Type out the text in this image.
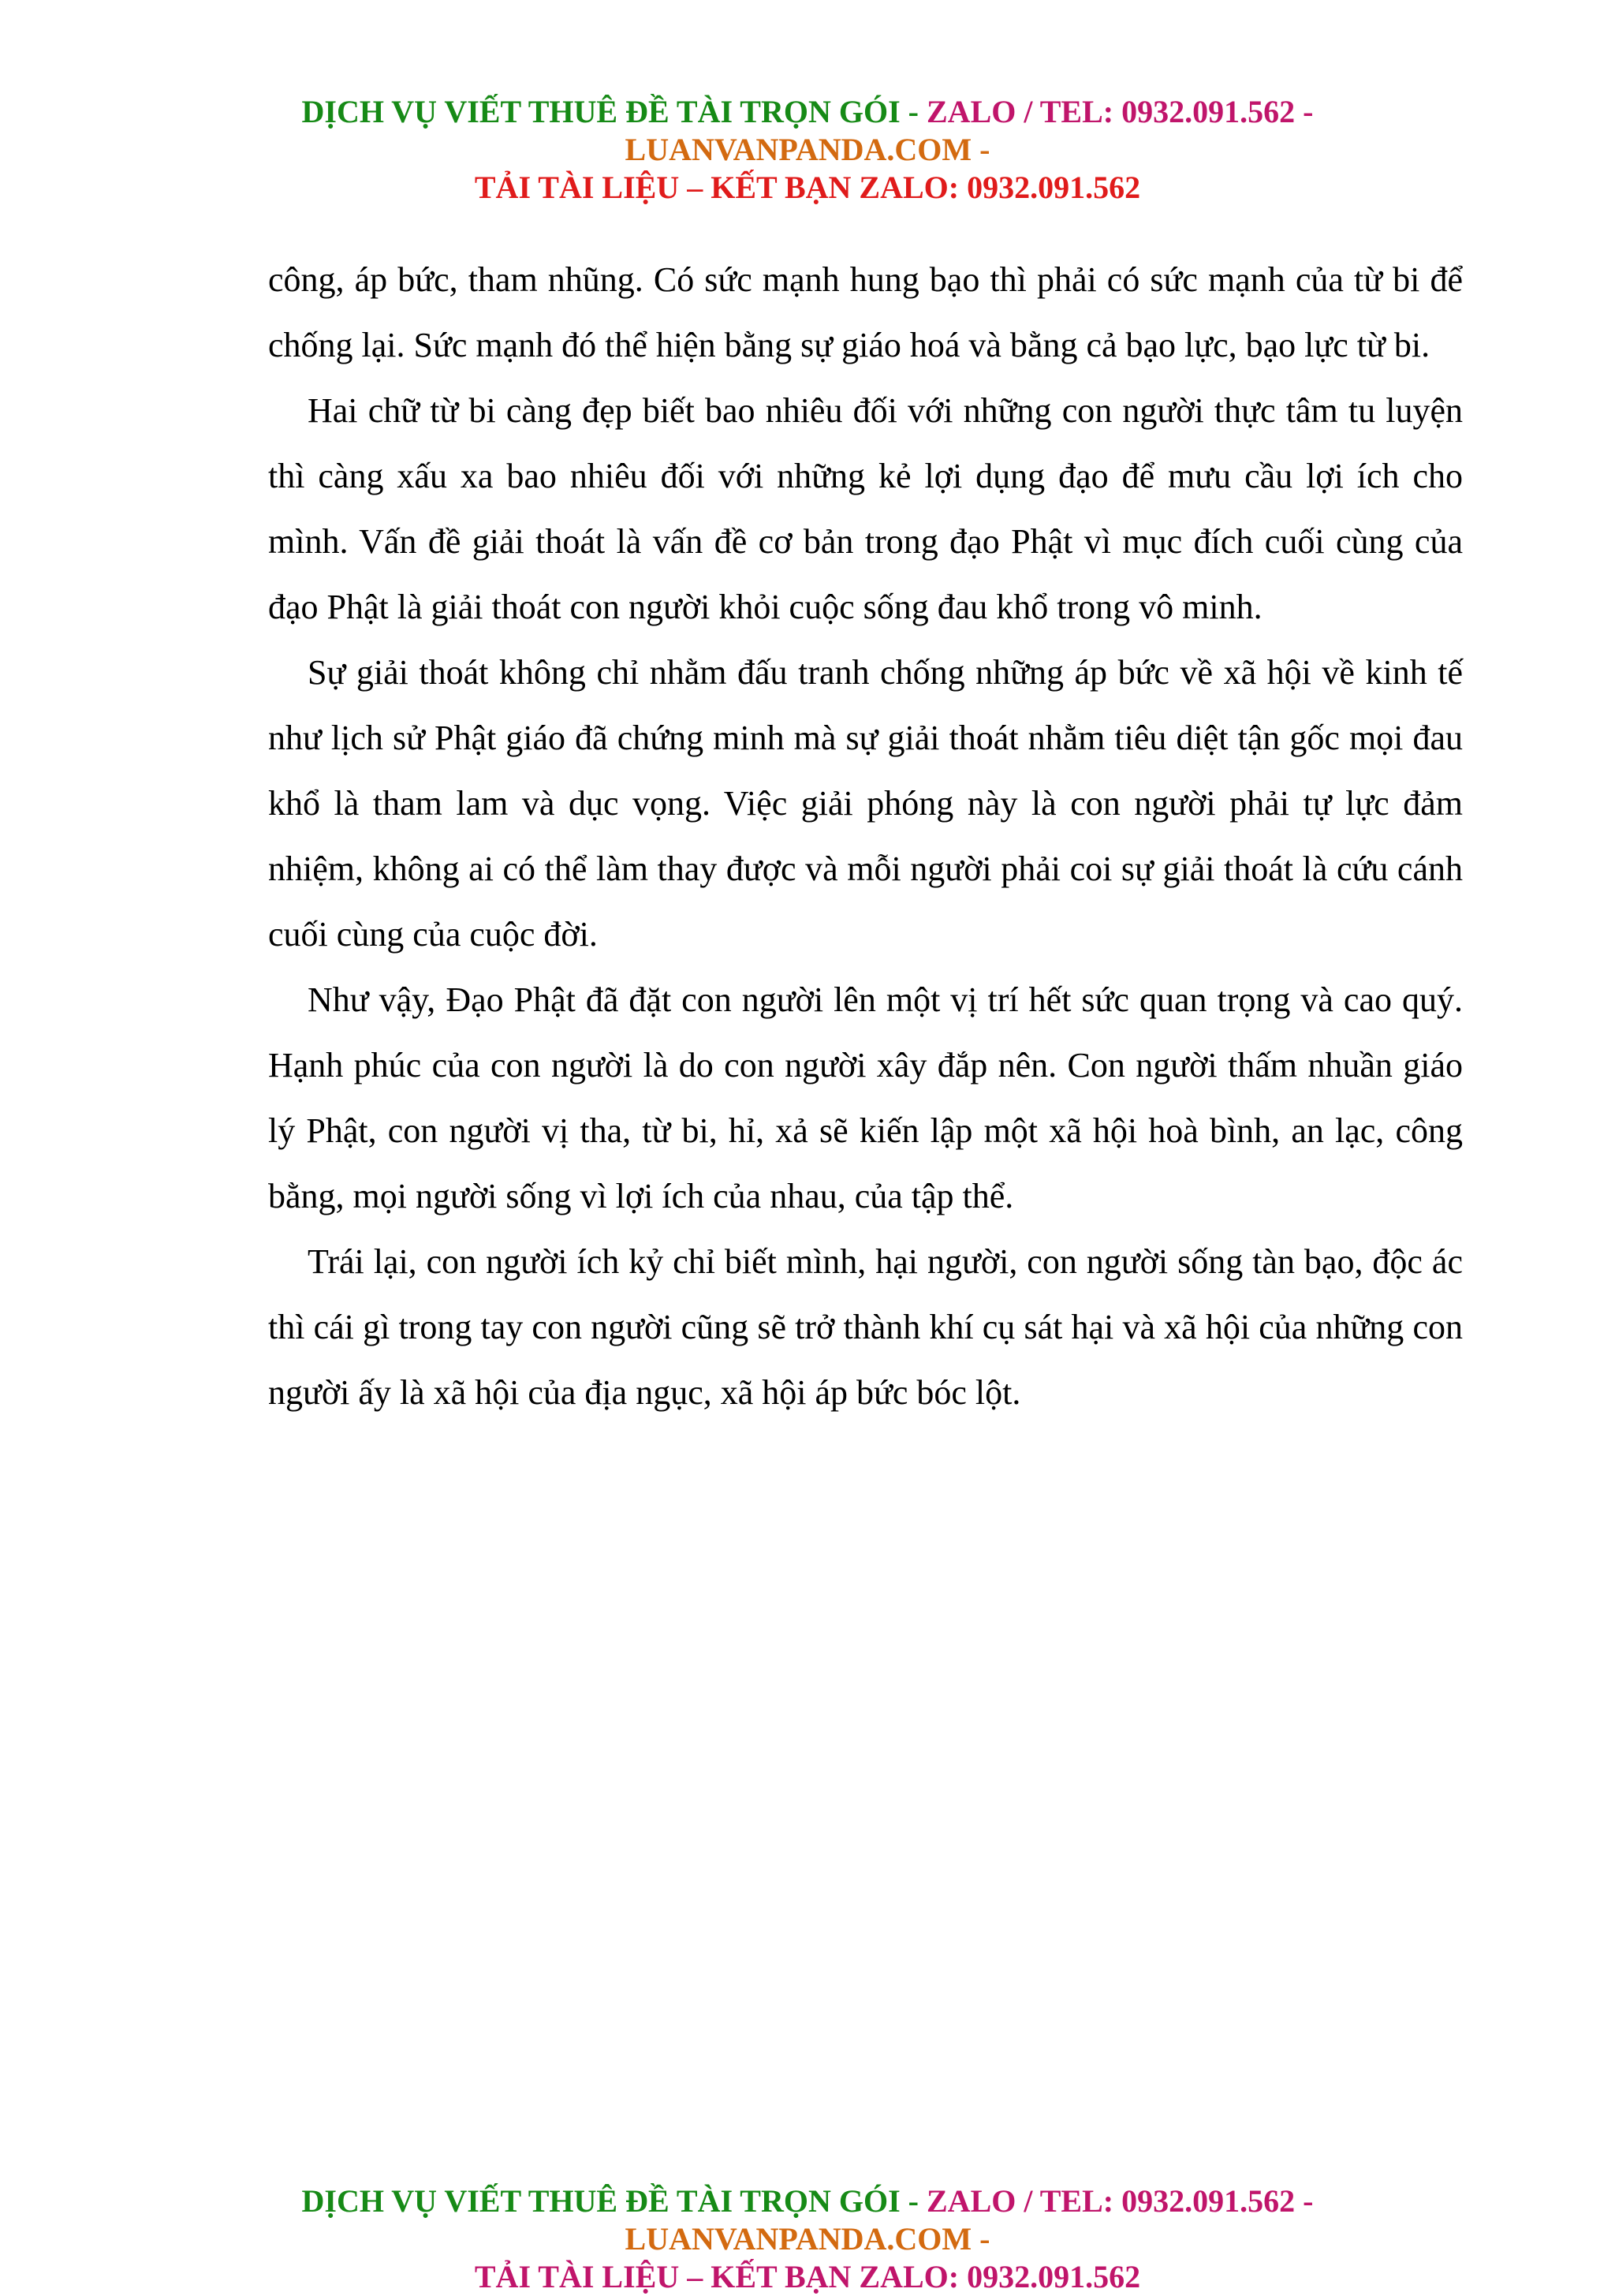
DỊCH VỤ VIẾT THUÊ ĐỀ TÀI TRỌN GÓI - ZALO / TEL: 0932.091.562 -
LUANVANPANDA.COM -
TẢI TÀI LIỆU – KẾT BẠN ZALO: 0932.091.562

công, áp bức, tham nhũng. Có sức mạnh hung bạo thì phải có sức mạnh của từ bi để chống lại. Sức mạnh đó thể hiện bằng sự giáo hoá và bằng cả bạo lực, bạo lực từ bi.

Hai chữ từ bi càng đẹp biết bao nhiêu đối với những con người thực tâm tu luyện thì càng xấu xa bao nhiêu đối với những kẻ lợi dụng đạo để mưu cầu lợi ích cho mình. Vấn đề giải thoát là vấn đề cơ bản trong đạo Phật vì mục đích cuối cùng của đạo Phật là giải thoát con người khỏi cuộc sống đau khổ trong vô minh.

Sự giải thoát không chỉ nhằm đấu tranh chống những áp bức về xã hội về kinh tế như lịch sử Phật giáo đã chứng minh mà sự giải thoát nhằm tiêu diệt tận gốc mọi đau khổ là tham lam và dục vọng. Việc giải phóng này là con người phải tự lực đảm nhiệm, không ai có thể làm thay được và mỗi người phải coi sự giải thoát là cứu cánh cuối cùng của cuộc đời.

Như vậy, Đạo Phật đã đặt con người lên một vị trí hết sức quan trọng và cao quý. Hạnh phúc của con người là do con người xây đắp nên. Con người thấm nhuần giáo lý Phật, con người vị tha, từ bi, hỉ, xả sẽ kiến lập một xã hội hoà bình, an lạc, công bằng, mọi người sống vì lợi ích của nhau, của tập thể.

Trái lại, con người ích kỷ chỉ biết mình, hại người, con người sống tàn bạo, độc ác thì cái gì trong tay con người cũng sẽ trở thành khí cụ sát hại và xã hội của những con người ấy là xã hội của địa ngục, xã hội áp bức bóc lột.

DỊCH VỤ VIẾT THUÊ ĐỀ TÀI TRỌN GÓI - ZALO / TEL: 0932.091.562 -
LUANVANPANDA.COM -
TẢI TÀI LIỆU – KẾT BẠN ZALO: 0932.091.562
